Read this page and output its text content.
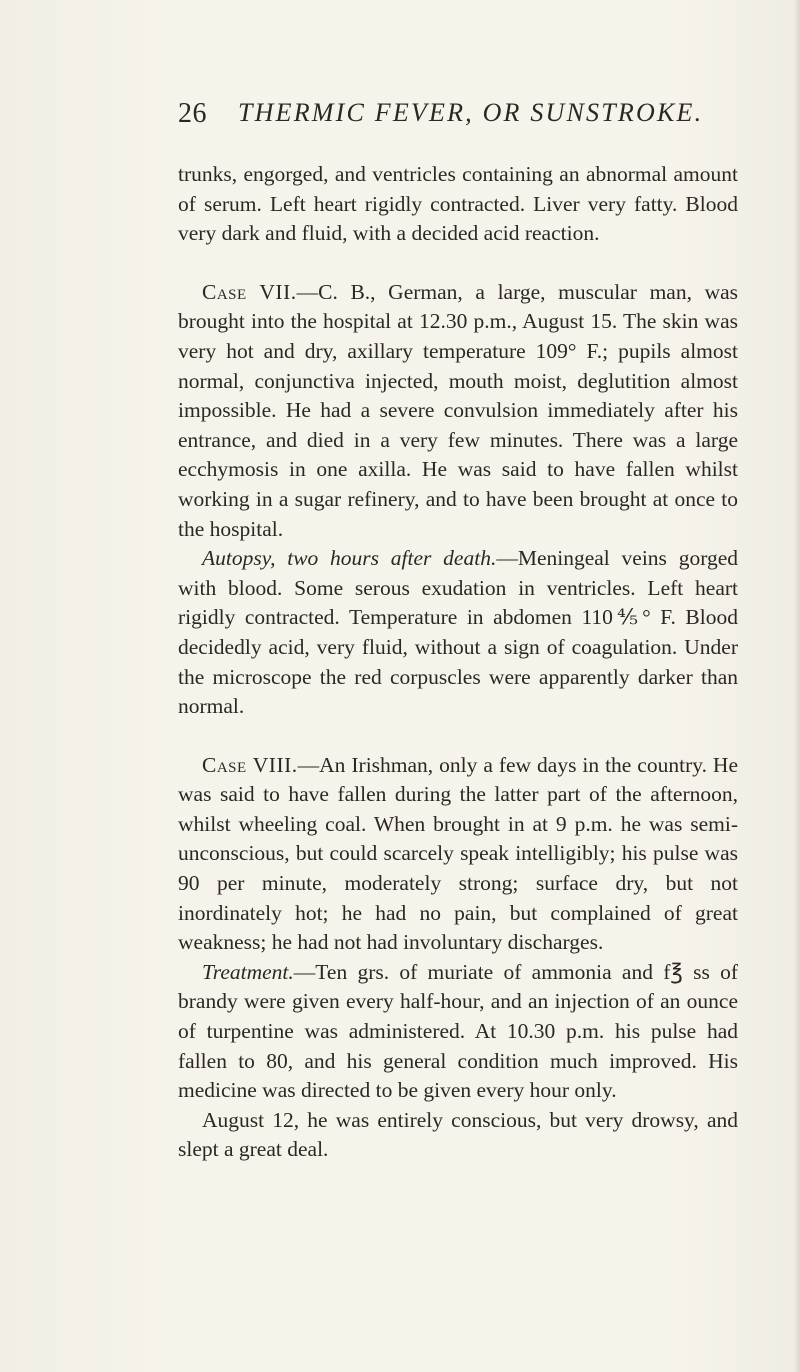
26 THERMIC FEVER, OR SUNSTROKE.

trunks, engorged, and ventricles containing an abnormal amount of serum. Left heart rigidly contracted. Liver very fatty. Blood very dark and fluid, with a decided acid reaction.

Case VII.—C. B., German, a large, muscular man, was brought into the hospital at 12.30 p.m., August 15. The skin was very hot and dry, axillary temperature 109° F.; pupils almost normal, conjunctiva injected, mouth moist, deglutition almost impossible. He had a severe convulsion immediately after his entrance, and died in a very few minutes. There was a large ecchymosis in one axilla. He was said to have fallen whilst working in a sugar refinery, and to have been brought at once to the hospital.

Autopsy, two hours after death.—Meningeal veins gorged with blood. Some serous exudation in ventricles. Left heart rigidly contracted. Temperature in abdomen 110⅘° F. Blood decidedly acid, very fluid, without a sign of coagulation. Under the microscope the red corpuscles were apparently darker than normal.

Case VIII.—An Irishman, only a few days in the country. He was said to have fallen during the latter part of the afternoon, whilst wheeling coal. When brought in at 9 p.m. he was semi-unconscious, but could scarcely speak intelligibly; his pulse was 90 per minute, moderately strong; surface dry, but not inordinately hot; he had no pain, but complained of great weakness; he had not had involuntary discharges.

Treatment.—Ten grs. of muriate of ammonia and f℥ ss of brandy were given every half-hour, and an injection of an ounce of turpentine was administered. At 10.30 p.m. his pulse had fallen to 80, and his general condition much improved. His medicine was directed to be given every hour only.

August 12, he was entirely conscious, but very drowsy, and slept a great deal.
